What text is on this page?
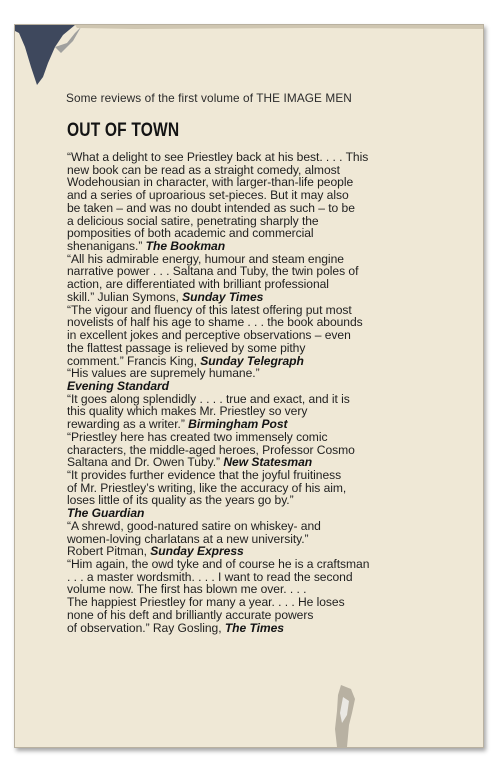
Some reviews of the first volume of THE IMAGE MEN
OUT OF TOWN
“What a delight to see Priestley back at his best. . . . This
new book can be read as a straight comedy, almost
Wodehousian in character, with larger-than-life people
and a series of uproarious set-pieces. But it may also
be taken – and was no doubt intended as such – to be
a delicious social satire, penetrating sharply the
pomposities of both academic and commercial
shenanigans.” The Bookman
“All his admirable energy, humour and steam engine
narrative power . . . Saltana and Tuby, the twin poles of
action, are differentiated with brilliant professional
skill.” Julian Symons, Sunday Times
“The vigour and fluency of this latest offering put most
novelists of half his age to shame . . . the book abounds
in excellent jokes and perceptive observations – even
the flattest passage is relieved by some pithy
comment.” Francis King, Sunday Telegraph
“His values are supremely humane.”
Evening Standard
“It goes along splendidly . . . . true and exact, and it is
this quality which makes Mr. Priestley so very
rewarding as a writer.” Birmingham Post
“Priestley here has created two immensely comic
characters, the middle-aged heroes, Professor Cosmo
Saltana and Dr. Owen Tuby.” New Statesman
“It provides further evidence that the joyful fruitiness
of Mr. Priestley’s writing, like the accuracy of his aim,
loses little of its quality as the years go by.”
The Guardian
“A shrewd, good-natured satire on whiskey- and
women-loving charlatans at a new university.”
Robert Pitman, Sunday Express
“Him again, the owd tyke and of course he is a craftsman
. . . a master wordsmith. . . . I want to read the second
volume now. The first has blown me over. . . .
The happiest Priestley for many a year. . . . He loses
none of his deft and brilliantly accurate powers
of observation.” Ray Gosling, The Times
